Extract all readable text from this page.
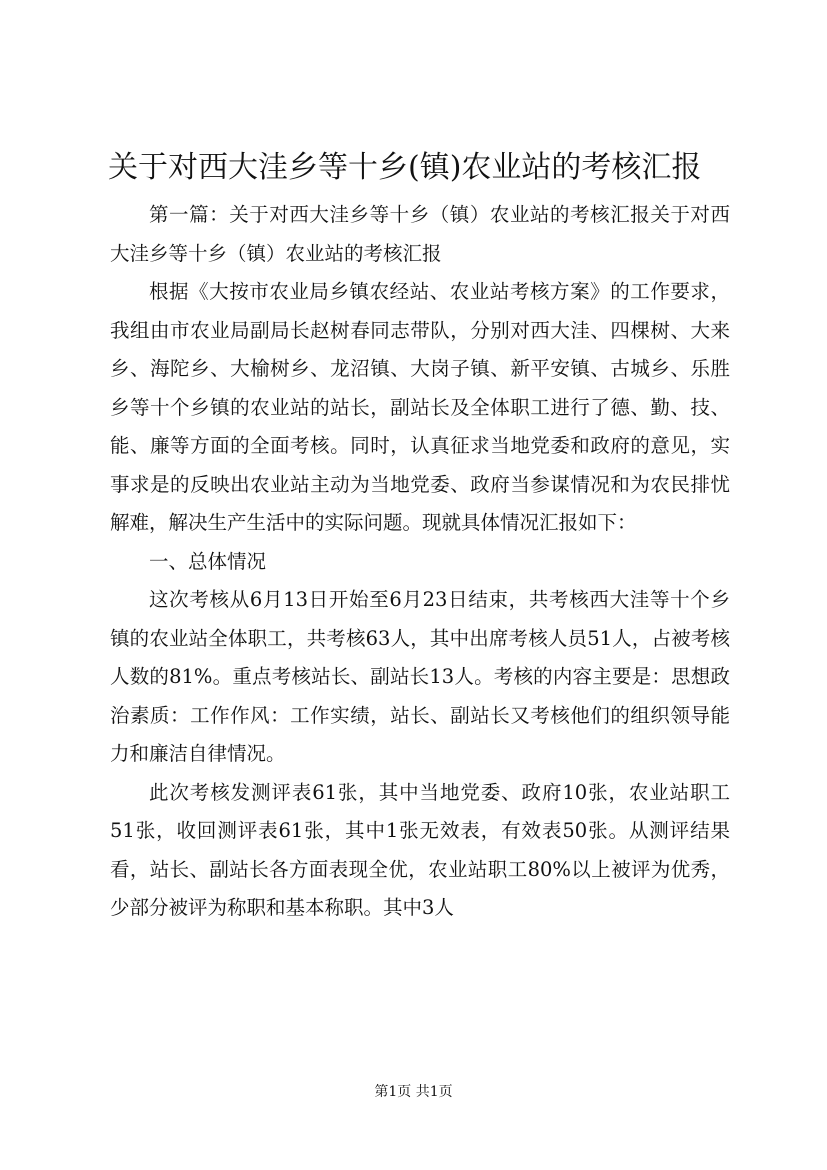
关于对西大洼乡等十乡(镇)农业站的考核汇报

第一篇：关于对西大洼乡等十乡（镇）农业站的考核汇报关于对西大洼乡等十乡（镇）农业站的考核汇报

根据《大按市农业局乡镇农经站、农业站考核方案》的工作要求，我组由市农业局副局长赵树春同志带队，分别对西大洼、四棵树、大来乡、海陀乡、大榆树乡、龙沼镇、大岗子镇、新平安镇、古城乡、乐胜乡等十个乡镇的农业站的站长，副站长及全体职工进行了德、勤、技、能、廉等方面的全面考核。同时，认真征求当地党委和政府的意见，实事求是的反映出农业站主动为当地党委、政府当参谋情况和为农民排忧解难，解决生产生活中的实际问题。现就具体情况汇报如下：

一、总体情况

这次考核从6月13日开始至6月23日结束，共考核西大洼等十个乡镇的农业站全体职工，共考核63人，其中出席考核人员51人，占被考核人数的81%。重点考核站长、副站长13人。考核的内容主要是：思想政治素质：工作作风：工作实绩，站长、副站长又考核他们的组织领导能力和廉洁自律情况。

此次考核发测评表61张，其中当地党委、政府10张，农业站职工51张，收回测评表61张，其中1张无效表，有效表50张。从测评结果看，站长、副站长各方面表现全优，农业站职工80%以上被评为优秀，少部分被评为称职和基本称职。其中3人

第1页 共1页
